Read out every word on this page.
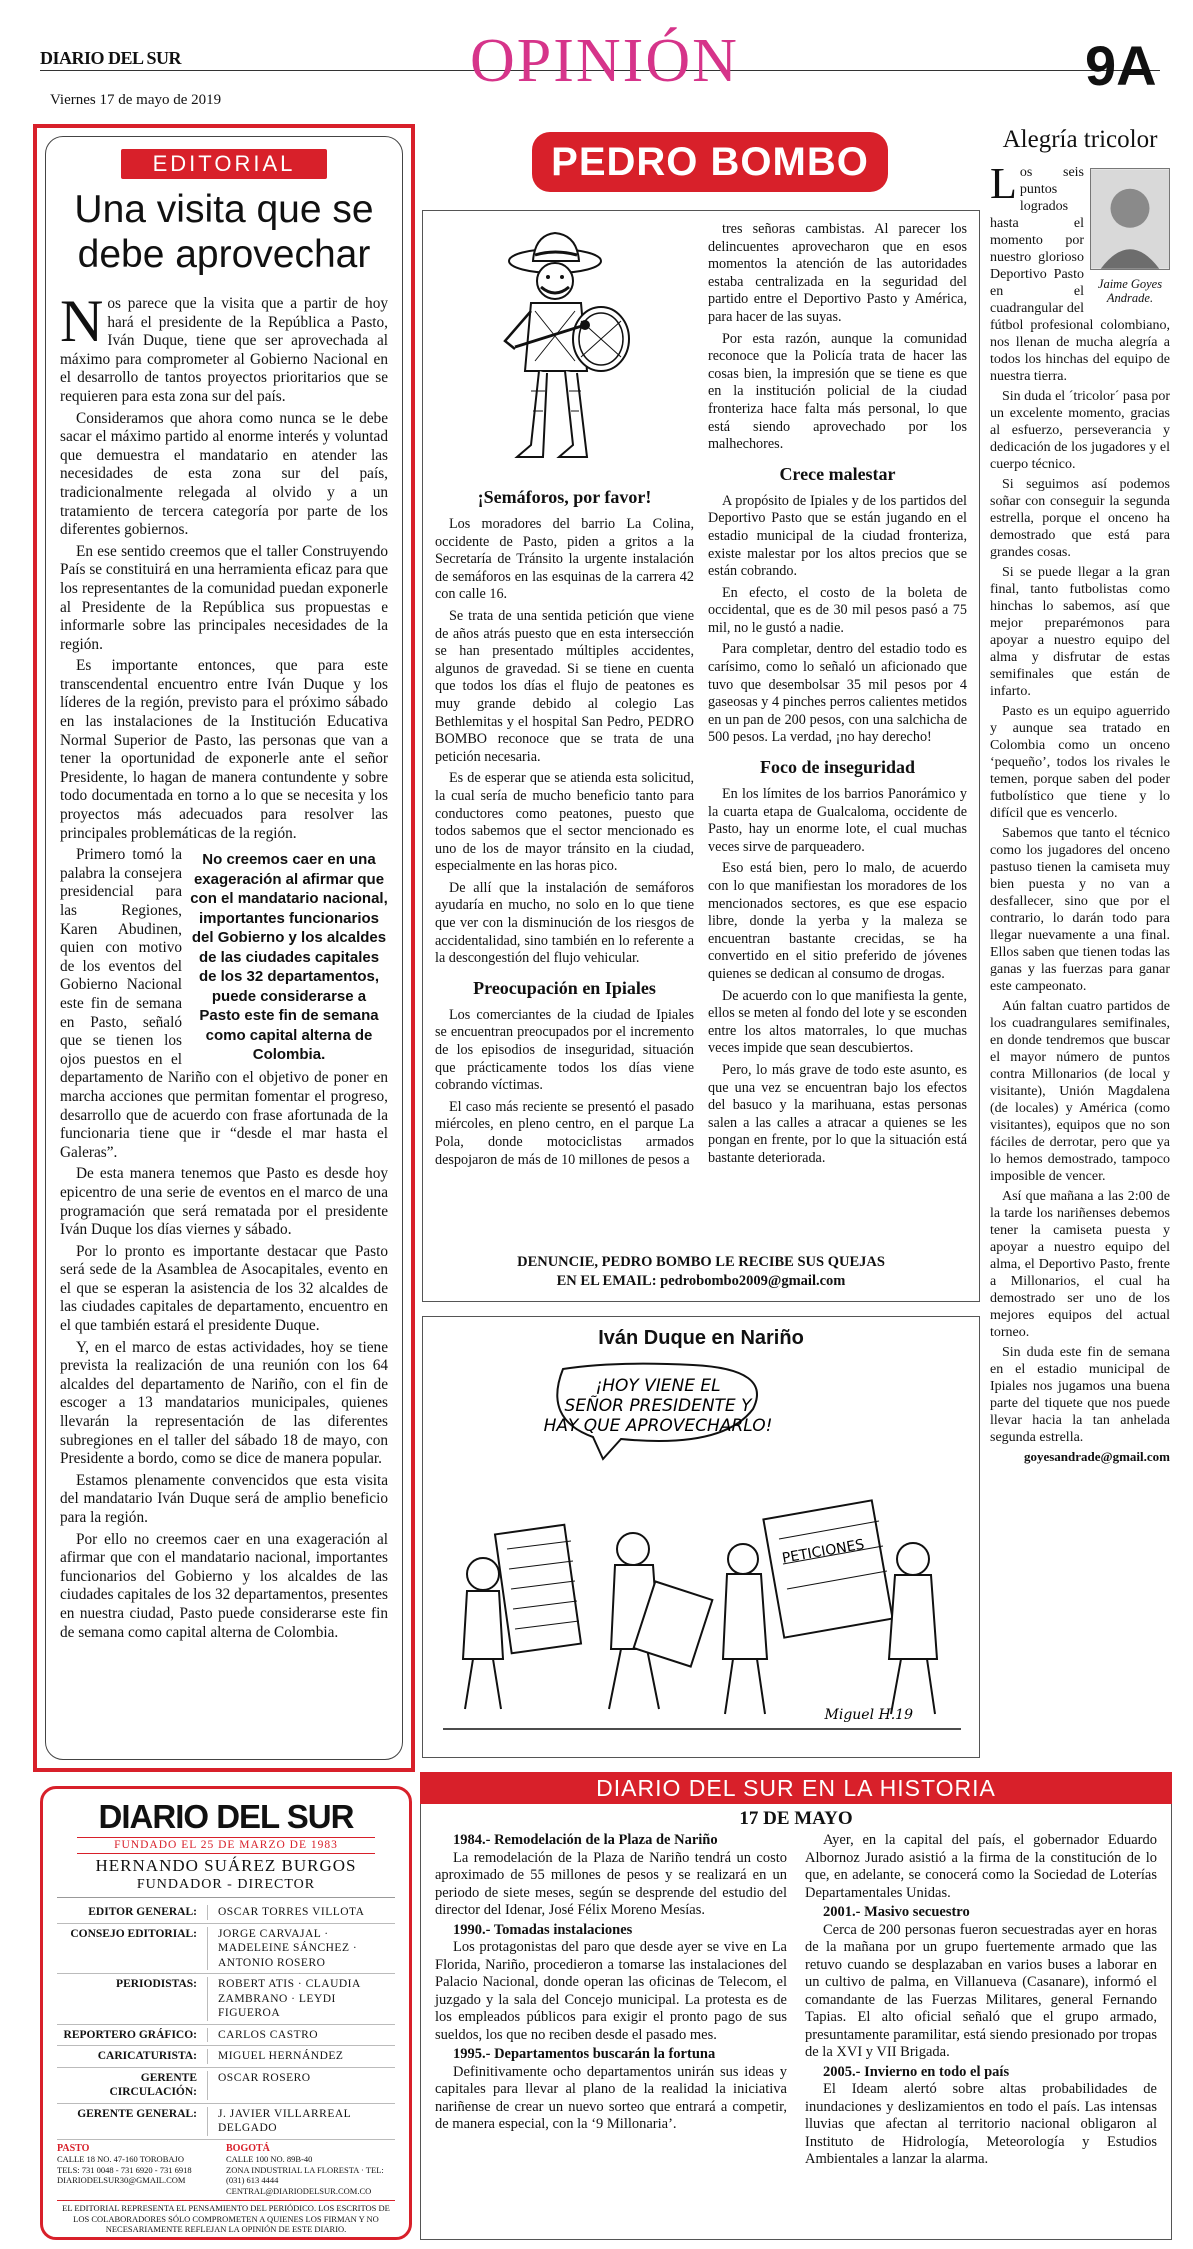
DIARIO DEL SUR
Viernes 17 de mayo de 2019
OPINIÓN	9A
EDITORIAL
Una visita que se debe aprovechar

Nos parece que la visita que a partir de hoy hará el presidente de la República a Pasto, Iván Duque, tiene que ser aprovechada al máximo para comprometer al Gobierno Nacional en el desarrollo de tantos proyectos prioritarios que se requieren para esta zona sur del país.

Consideramos que ahora como nunca se le debe sacar el máximo partido al enorme interés y voluntad que demuestra el mandatario en atender las necesidades de esta zona sur del país, tradicionalmente relegada al olvido y a un tratamiento de tercera categoría por parte de los diferentes gobiernos.

En ese sentido creemos que el taller Construyendo País se constituirá en una herramienta eficaz para que los representantes de la comunidad puedan exponerle al Presidente de la República sus propuestas e informarle sobre las principales necesidades de la región.

Es importante entonces, que para este transcendental encuentro entre Iván Duque y los líderes de la región, previsto para el próximo sábado en las instalaciones de la Institución Educativa Normal Superior de Pasto, las personas que van a tener la oportunidad de exponerle ante el señor Presidente, lo hagan de manera contundente y sobre todo documentada en torno a lo que se necesita y los proyectos más adecuados para resolver las principales problemáticas de la región.

No creemos caer en una exageración al afirmar que con el mandatario nacional, importantes funcionarios del Gobierno y los alcaldes de las ciudades capitales de los 32 departamentos, puede considerarse a Pasto este fin de semana como capital alterna de Colombia.

Primero tomó la palabra la consejera presidencial para las Regiones, Karen Abudinen, quien con motivo de los eventos del Gobierno Nacional este fin de semana en Pasto, señaló que se tienen los ojos puestos en el departamento de Nariño con el objetivo de poner en marcha acciones que permitan fomentar el progreso, desarrollo que de acuerdo con frase afortunada de la funcionaria tiene que ir “desde el mar hasta el Galeras”.

De esta manera tenemos que Pasto es desde hoy epicentro de una serie de eventos en el marco de una programación que será rematada por el presidente Iván Duque los días viernes y sábado.

Por lo pronto es importante destacar que Pasto será sede de la Asamblea de Asocapitales, evento en el que se esperan la asistencia de los 32 alcaldes de las ciudades capitales de departamento, encuentro en el que también estará el presidente Duque.

Y, en el marco de estas actividades, hoy se tiene prevista la realización de una reunión con los 64 alcaldes del departamento de Nariño, con el fin de escoger a 13 mandatarios municipales, quienes llevarán la representación de las diferentes subregiones en el taller del sábado 18 de mayo, con Presidente a bordo, como se dice de manera popular.

Estamos plenamente convencidos que esta visita del mandatario Iván Duque será de amplio beneficio para la región.

Por ello no creemos caer en una exageración al afirmar que con el mandatario nacional, importantes funcionarios del Gobierno y los alcaldes de las ciudades capitales de los 32 departamentos, presentes en nuestra ciudad, Pasto puede considerarse este fin de semana como capital alterna de Colombia.

DIARIO DEL SUR
FUNDADO EL 25 DE MARZO DE 1983
HERNANDO SUÁREZ BURGOS
FUNDADOR - DIRECTOR
EDITOR GENERAL:	OSCAR TORRES VILLOTA
CONSEJO EDITORIAL:	JORGE CARVAJAL · MADELEINE SÁNCHEZ · ANTONIO ROSERO
PERIODISTAS:	ROBERT ATIS · CLAUDIA ZAMBRANO · LEYDI FIGUEROA
REPORTERO GRÁFICO:	CARLOS CASTRO
CARICATURISTA:	MIGUEL HERNÁNDEZ
GERENTE CIRCULACIÓN:
OSCAR ROSERO
GERENTE GENERAL:	J. JAVIER VILLARREAL DELGADO
PASTO
CALLE 18 NO. 47-160 TOROBAJO
TELS: 731 0048 - 731 6920 - 731 6918
DIARIODELSUR30@GMAIL.COM
BOGOTÁ
CALLE 100 NO. 89B-40
ZONA INDUSTRIAL LA FLORESTA · TEL: (031) 613 4444
CENTRAL@DIARIODELSUR.COM.CO
EL EDITORIAL REPRESENTA EL PENSAMIENTO DEL PERIÓDICO. LOS ESCRITOS DE LOS COLABORADORES SÓLO COMPROMETEN A QUIENES LOS FIRMAN Y NO NECESARIAMENTE REFLEJAN LA OPINIÓN DE ESTE DIARIO.
PEDRO BOMBO
¡Semáforos, por favor!

Los moradores del barrio La Colina, occidente de Pasto, piden a gritos a la Secretaría de Tránsito la urgente instalación de semáforos en las esquinas de la carrera 42 con calle 16.

Se trata de una sentida petición que viene de años atrás puesto que en esta intersección se han presentado múltiples accidentes, algunos de gravedad. Si se tiene en cuenta que todos los días el flujo de peatones es muy grande debido al colegio Las Bethlemitas y el hospital San Pedro, PEDRO BOMBO reconoce que se trata de una petición necesaria.

Es de esperar que se atienda esta solicitud, la cual sería de mucho beneficio tanto para conductores como peatones, puesto que todos sabemos que el sector mencionado es uno de los de mayor tránsito en la ciudad, especialmente en las horas pico.

De allí que la instalación de semáforos ayudaría en mucho, no solo en lo que tiene que ver con la disminución de los riesgos de accidentalidad, sino también en lo referente a la descongestión del flujo vehicular.

Preocupación en Ipiales

Los comerciantes de la ciudad de Ipiales se encuentran preocupados por el incremento de los episodios de inseguridad, situación que prácticamente todos los días viene cobrando víctimas.

El caso más reciente se presentó el pasado miércoles, en pleno centro, en el parque La Pola, donde motociclistas armados despojaron de más de 10 millones de pesos a

tres señoras cambistas. Al parecer los delincuentes aprovecharon que en esos momentos la atención de las autoridades estaba centralizada en la seguridad del partido entre el Deportivo Pasto y América, para hacer de las suyas.

Por esta razón, aunque la comunidad reconoce que la Policía trata de hacer las cosas bien, la impresión que se tiene es que en la institución policial de la ciudad fronteriza hace falta más personal, lo que está siendo aprovechado por los malhechores.

Crece malestar

A propósito de Ipiales y de los partidos del Deportivo Pasto que se están jugando en el estadio municipal de la ciudad fronteriza, existe malestar por los altos precios que se están cobrando.

En efecto, el costo de la boleta de occidental, que es de 30 mil pesos pasó a 75 mil, no le gustó a nadie.

Para completar, dentro del estadio todo es carísimo, como lo señaló un aficionado que tuvo que desembolsar 35 mil pesos por 4 gaseosas y 4 pinches perros calientes metidos en un pan de 200 pesos, con una salchicha de 500 pesos. La verdad, ¡no hay derecho!

Foco de inseguridad

En los límites de los barrios Panorámico y la cuarta etapa de Gualcaloma, occidente de Pasto, hay un enorme lote, el cual muchas veces sirve de parqueadero.

Eso está bien, pero lo malo, de acuerdo con lo que manifiestan los moradores de los mencionados sectores, es que ese espacio libre, donde la yerba y la maleza se encuentran bastante crecidas, se ha convertido en el sitio preferido de jóvenes quienes se dedican al consumo de drogas.

De acuerdo con lo que manifiesta la gente, ellos se meten al fondo del lote y se esconden entre los altos matorrales, lo que muchas veces impide que sean descubiertos.

Pero, lo más grave de todo este asunto, es que una vez se encuentran bajo los efectos del basuco y la marihuana, estas personas salen a las calles a atracar a quienes se les pongan en frente, por lo que la situación está bastante deteriorada.

DENUNCIE, PEDRO BOMBO LE RECIBE SUS QUEJAS
EN EL EMAIL: pedrobombo2009@gmail.com
Iván Duque en Nariño
¡HOY VIENE EL
SEÑOR PRESIDENTE Y
HAY QUE APROVECHARLO!
PETICIONES
Miguel H.19
Alegría tricolor
Jaime Goyes Andrade.

Los seis puntos logrados hasta el momento por nuestro glorioso Deportivo Pasto en el cuadrangular del fútbol profesional colombiano, nos llenan de mucha alegría a todos los hinchas del equipo de nuestra tierra.

Sin duda el ´tricolor´ pasa por un excelente momento, gracias al esfuerzo, perseverancia y dedicación de los jugadores y el cuerpo técnico.

Si seguimos así podemos soñar con conseguir la segunda estrella, porque el onceno ha demostrado que está para grandes cosas.

Si se puede llegar a la gran final, tanto futbolistas como hinchas lo sabemos, así que mejor preparémonos para apoyar a nuestro equipo del alma y disfrutar de estas semifinales que están de infarto.

Pasto es un equipo aguerrido y aunque sea tratado en Colombia como un onceno ‘pequeño’, todos los rivales le temen, porque saben del poder futbolístico que tiene y lo difícil que es vencerlo.

Sabemos que tanto el técnico como los jugadores del onceno pastuso tienen la camiseta muy bien puesta y no van a desfallecer, sino que por el contrario, lo darán todo para llegar nuevamente a una final. Ellos saben que tienen todas las ganas y las fuerzas para ganar este campeonato.

Aún faltan cuatro partidos de los cuadrangulares semifinales, en donde tendremos que buscar el mayor número de puntos contra Millonarios (de local y visitante), Unión Magdalena (de locales) y América (como visitantes), equipos que no son fáciles de derrotar, pero que ya lo hemos demostrado, tampoco imposible de vencer.

Así que mañana a las 2:00 de la tarde los nariñenses debemos tener la camiseta puesta y apoyar a nuestro equipo del alma, el Deportivo Pasto, frente a Millonarios, el cual ha demostrado ser uno de los mejores equipos del actual torneo.

Sin duda este fin de semana en el estadio municipal de Ipiales nos jugamos una buena parte del tiquete que nos puede llevar hacia la tan anhelada segunda estrella.

goyesandrade@gmail.com
DIARIO DEL SUR EN LA HISTORIA
17 DE MAYO
1984.- Remodelación de la Plaza de Nariño

La remodelación de la Plaza de Nariño tendrá un costo aproximado de 55 millones de pesos y se realizará en un periodo de siete meses, según se desprende del estudio del director del Idenar, José Félix Moreno Mesías.

1990.- Tomadas instalaciones

Los protagonistas del paro que desde ayer se vive en La Florida, Nariño, procedieron a tomarse las instalaciones del Palacio Nacional, donde operan las oficinas de Telecom, el juzgado y la sala del Concejo municipal. La protesta es de los empleados públicos para exigir el pronto pago de sus sueldos, los que no reciben desde el pasado mes.

1995.- Departamentos buscarán la fortuna

Definitivamente ocho departamentos unirán sus ideas y capitales para llevar al plano de la realidad la iniciativa nariñense de crear un nuevo sorteo que entrará a competir, de manera especial, con la ‘9 Millonaria’.

Ayer, en la capital del país, el gobernador Eduardo Albornoz Jurado asistió a la firma de la constitución de lo que, en adelante, se conocerá como la Sociedad de Loterías Departamentales Unidas.

2001.- Masivo secuestro

Cerca de 200 personas fueron secuestradas ayer en horas de la mañana por un grupo fuertemente armado que las retuvo cuando se desplazaban en varios buses a laborar en un cultivo de palma, en Villanueva (Casanare), informó el comandante de las Fuerzas Militares, general Fernando Tapias. El alto oficial señaló que el grupo armado, presuntamente paramilitar, está siendo presionado por tropas de la XVI y VII Brigada.

2005.- Invierno en todo el país

El Ideam alertó sobre altas probabilidades de inundaciones y deslizamientos en todo el país. Las intensas lluvias que afectan al territorio nacional obligaron al Instituto de Hidrología, Meteorología y Estudios Ambientales a lanzar la alarma.
